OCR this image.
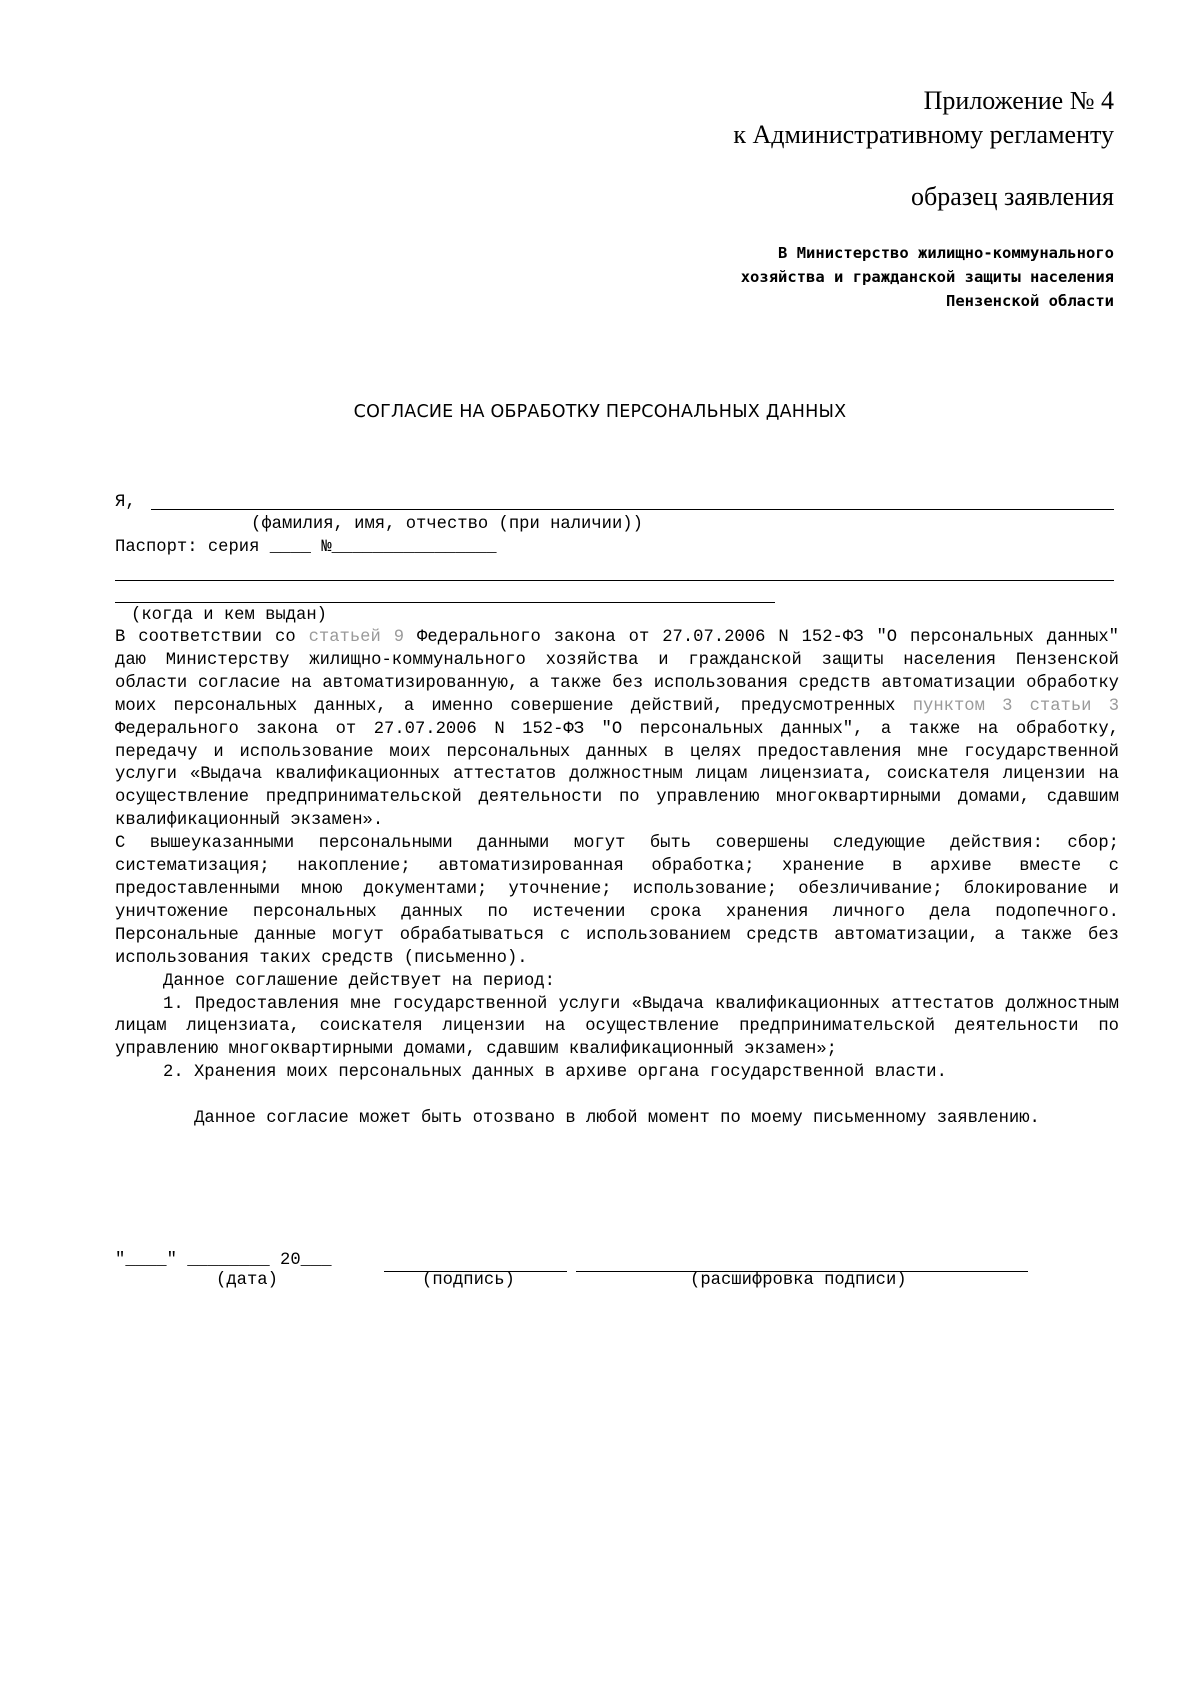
Приложение № 4
к Административному регламенту
образец заявления
В Министерство жилищно-коммунального
хозяйства и гражданской защиты населения
Пензенской области
СОГЛАСИЕ НА ОБРАБОТКУ ПЕРСОНАЛЬНЫХ ДАННЫХ
Я,
(фамилия, имя, отчество (при наличии))
Паспорт: серия ____ №________________
(когда и кем выдан)

В соответствии со статьей 9 Федерального закона от 27.07.2006 N 152-ФЗ "О персональных данных" даю Министерству жилищно-коммунального хозяйства и гражданской защиты населения Пензенской области согласие на автоматизированную, а также без использования средств автоматизации обработку моих персональных данных, а именно совершение действий, предусмотренных пунктом 3 статьи 3 Федерального закона от 27.07.2006 N 152-ФЗ "О персональных данных", а также на обработку, передачу и использование моих персональных данных в целях предоставления мне государственной услуги «Выдача квалификационных аттестатов должностным лицам лицензиата, соискателя лицензии на осуществление предпринимательской деятельности по управлению многоквартирными домами, сдавшим квалификационный экзамен».

С вышеуказанными персональными данными могут быть совершены следующие действия: сбор; систематизация; накопление; автоматизированная обработка; хранение в архиве вместе с предоставленными мною документами; уточнение; использование; обезличивание; блокирование и уничтожение персональных данных по истечении срока хранения личного дела подопечного. Персональные данные могут обрабатываться с использованием средств автоматизации, а также без использования таких средств (письменно).

Данное соглашение действует на период:

1. Предоставления мне государственной услуги «Выдача квалификационных аттестатов должностным лицам лицензиата, соискателя лицензии на осуществление предпринимательской деятельности по управлению многоквартирными домами, сдавшим квалификационный экзамен»;

2. Хранения моих персональных данных в архиве органа государственной власти.

Данное согласие может быть отозвано в любой момент по моему письменному заявлению.

"____" ________ 20___
(дата)	(подпись)	(расшифровка подписи)
